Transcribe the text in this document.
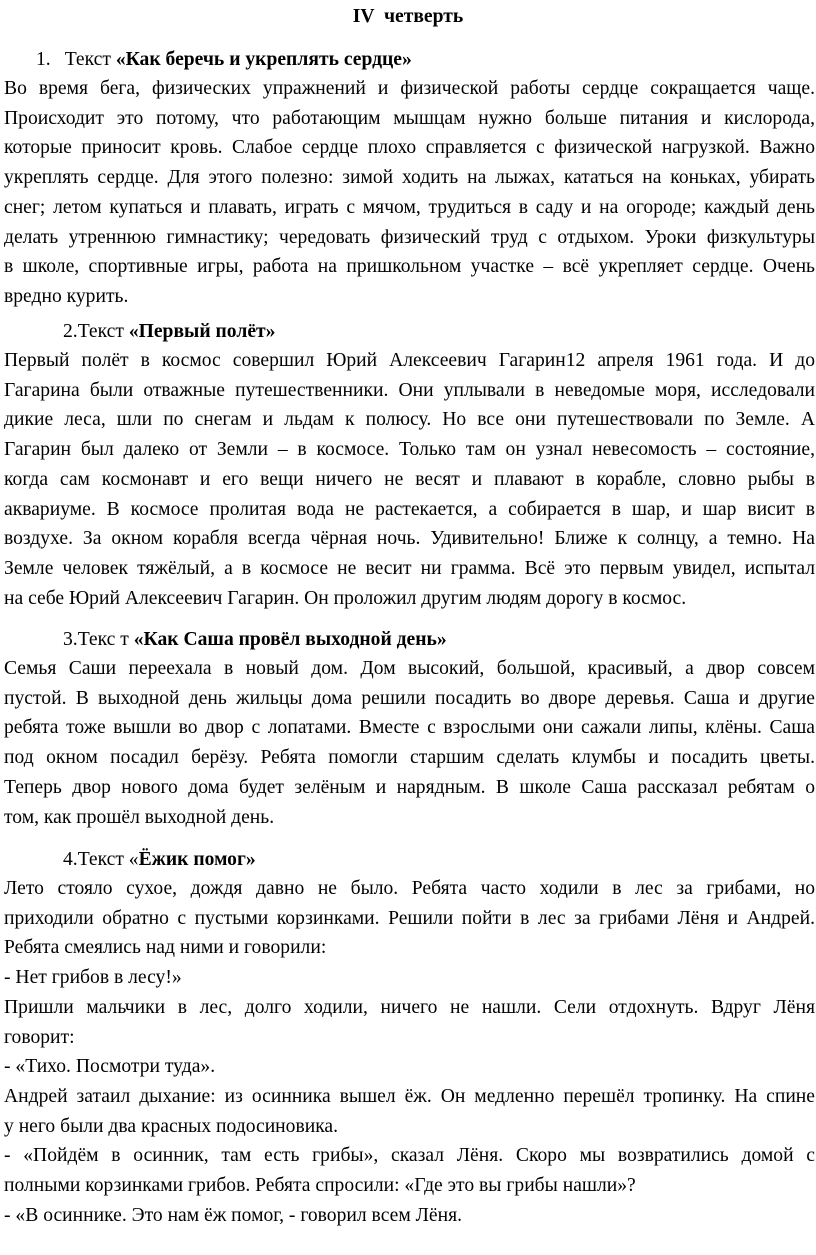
IV  четверть
1. Текст «Как беречь и укреплять сердце»
Во время бега, физических упражнений и физической работы сердце сокращается чаще.
Происходит это потому, что работающим мышцам нужно больше питания и кислорода,
которые приносит кровь. Слабое сердце плохо справляется с физической нагрузкой. Важно
укреплять сердце. Для этого полезно: зимой ходить на лыжах, кататься на коньках, убирать
снег; летом купаться и плавать, играть с мячом, трудиться в саду и на огороде; каждый день
делать утреннюю гимнастику; чередовать физический труд с отдыхом. Уроки физкультуры
в школе, спортивные игры, работа на пришкольном участке – всё укрепляет сердце. Очень
вредно курить.
2.Текст «Первый полёт»
Первый полёт в космос совершил Юрий Алексеевич Гагарин12 апреля 1961 года. И до
Гагарина были отважные путешественники. Они уплывали в неведомые моря, исследовали
дикие леса, шли по снегам и льдам к полюсу. Но все они путешествовали по Земле. А
Гагарин был далеко от Земли – в космосе. Только там он узнал невесомость – состояние,
когда сам космонавт и его вещи ничего не весят и плавают в корабле, словно рыбы в
аквариуме. В космосе пролитая вода не растекается, а собирается в шар, и шар висит в
воздухе. За окном корабля всегда чёрная ночь. Удивительно! Ближе к солнцу, а темно. На
Земле человек тяжёлый, а в космосе не весит ни грамма. Всё это первым увидел, испытал
на себе Юрий Алексеевич Гагарин. Он проложил другим людям дорогу в космос.
3.Текс т «Как Саша провёл выходной день»
Семья Саши переехала в новый дом. Дом высокий, большой, красивый, а двор совсем
пустой. В выходной день жильцы дома решили посадить во дворе деревья. Саша и другие
ребята тоже вышли во двор с лопатами. Вместе с взрослыми они сажали липы, клёны. Саша
под окном посадил берёзу. Ребята помогли старшим сделать клумбы и посадить цветы.
Теперь двор нового дома будет зелёным и нарядным. В школе Саша рассказал ребятам о
том, как прошёл выходной день.
4.Текст «Ёжик помог»
Лето стояло сухое, дождя давно не было. Ребята часто ходили в лес за грибами, но
приходили обратно с пустыми корзинками. Решили пойти в лес за грибами Лёня и Андрей.
Ребята смеялись над ними и говорили:
- Нет грибов в лесу!»
Пришли мальчики в лес, долго ходили, ничего не нашли. Сели отдохнуть. Вдруг Лёня
говорит:
- «Тихо. Посмотри туда».
Андрей затаил дыхание: из осинника вышел ёж. Он медленно перешёл тропинку. На спине
у него были два красных подосиновика.
- «Пойдём в осинник, там есть грибы», сказал Лёня. Скоро мы возвратились домой с
полными корзинками грибов. Ребята спросили: «Где это вы грибы нашли»?
- «В осиннике. Это нам ёж помог, - говорил всем Лёня.
